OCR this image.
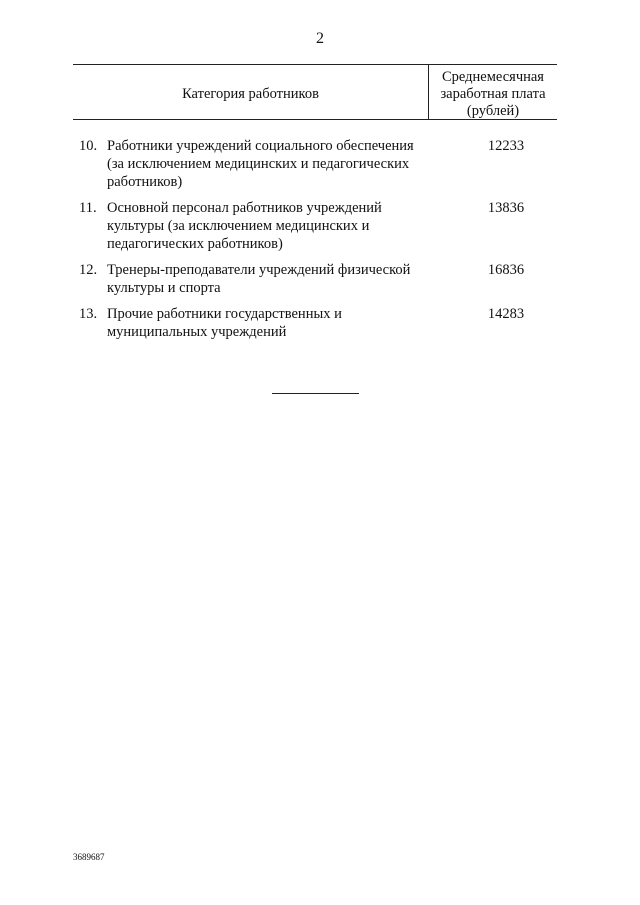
2
Категория работников
Среднемесячная
заработная плата
(рублей)
10. Работники учреждений социального обеспечения
(за исключением медицинских и педагогических
работников)
12233
11. Основной персонал работников учреждений
культуры (за исключением медицинских и
педагогических работников)
13836
12. Тренеры-преподаватели учреждений физической
культуры и спорта
16836
13. Прочие работники государственных и
муниципальных учреждений
14283
3689687
